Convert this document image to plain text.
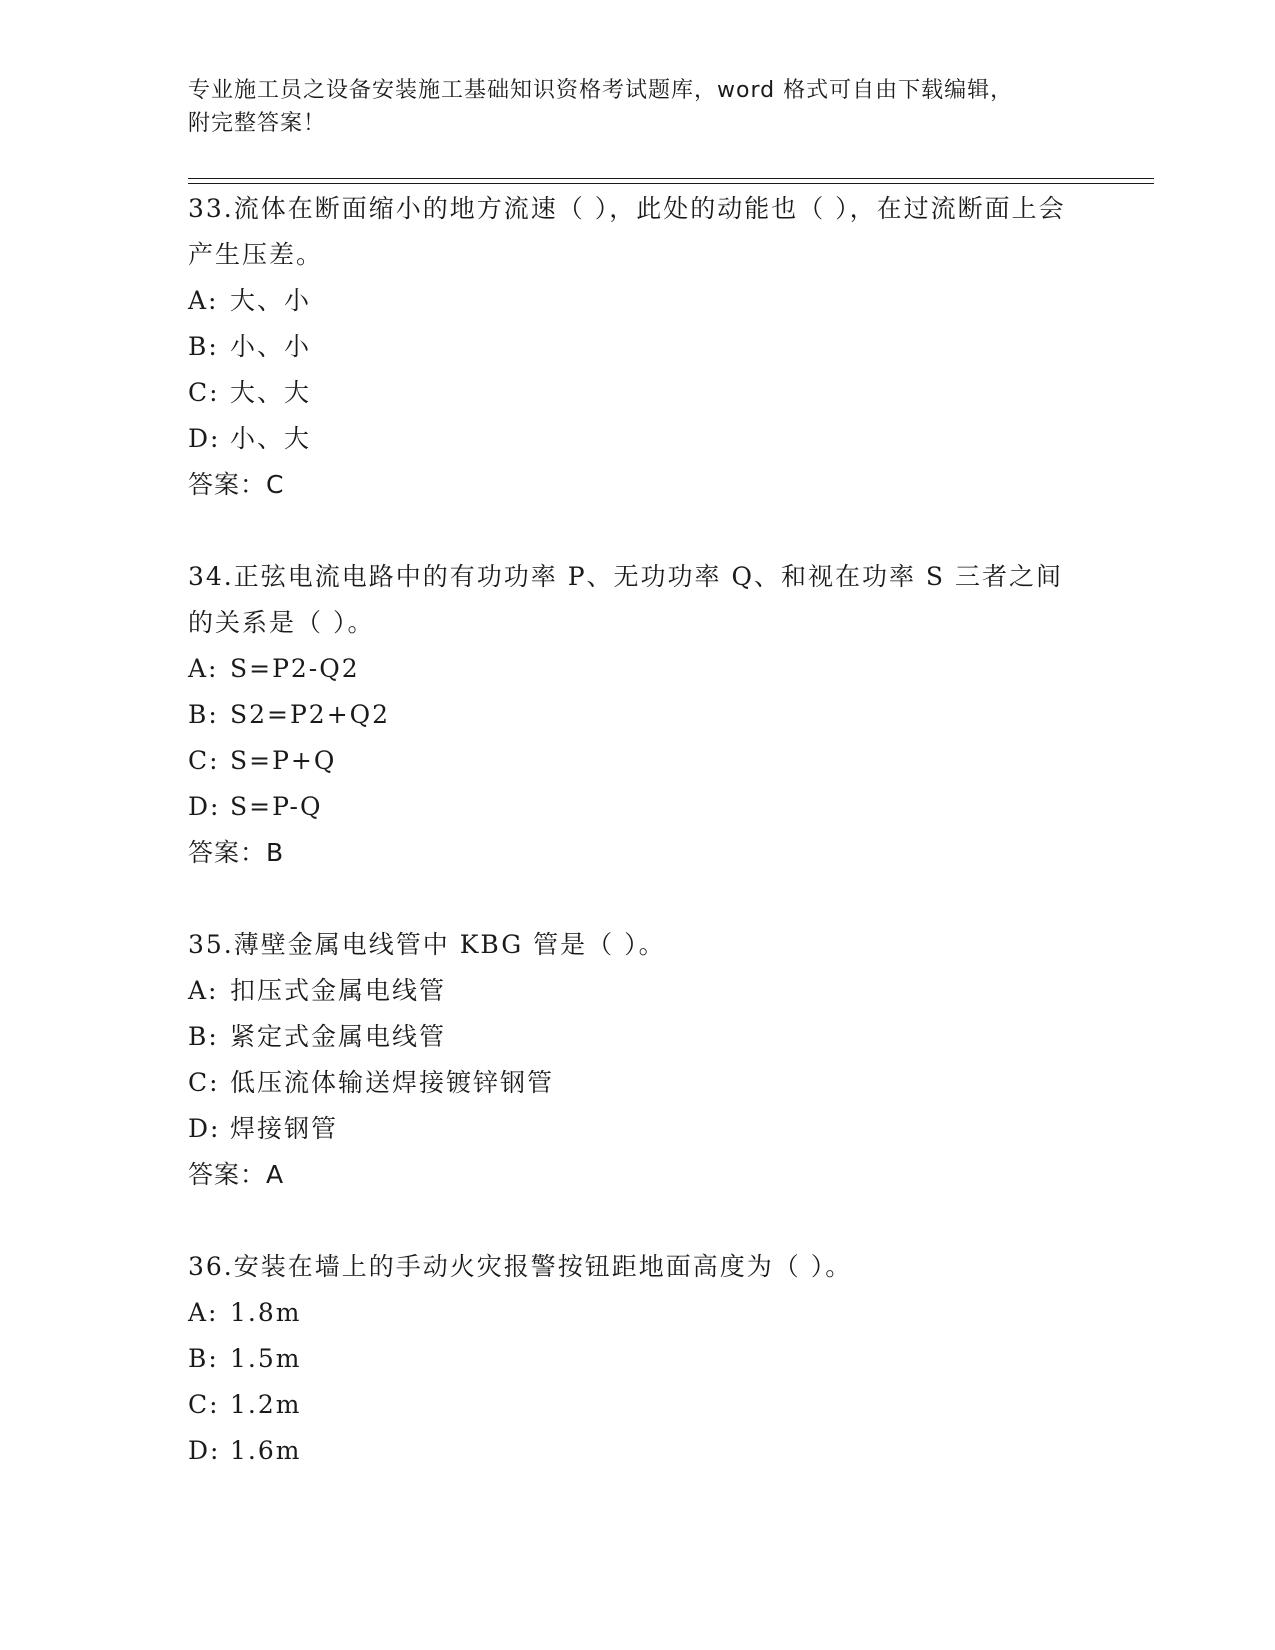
专业施工员之设备安装施工基础知识资格考试题库，word 格式可自由下载编辑，
附完整答案！
33.流体在断面缩小的地方流速（ ），此处的动能也（ ），在过流断面上会产生压差。
A: 大、小
B: 小、小
C: 大、大
D: 小、大
答案：C
34.正弦电流电路中的有功功率 P、无功功率 Q、和视在功率 S 三者之间的关系是（ ）。
A: S=P2-Q2
B: S2=P2+Q2
C: S=P+Q
D: S=P-Q
答案：B
35.薄壁金属电线管中 KBG 管是（ ）。
A: 扣压式金属电线管
B: 紧定式金属电线管
C: 低压流体输送焊接镀锌钢管
D: 焊接钢管
答案：A
36.安装在墙上的手动火灾报警按钮距地面高度为（ ）。
A: 1.8m
B: 1.5m
C: 1.2m
D: 1.6m
